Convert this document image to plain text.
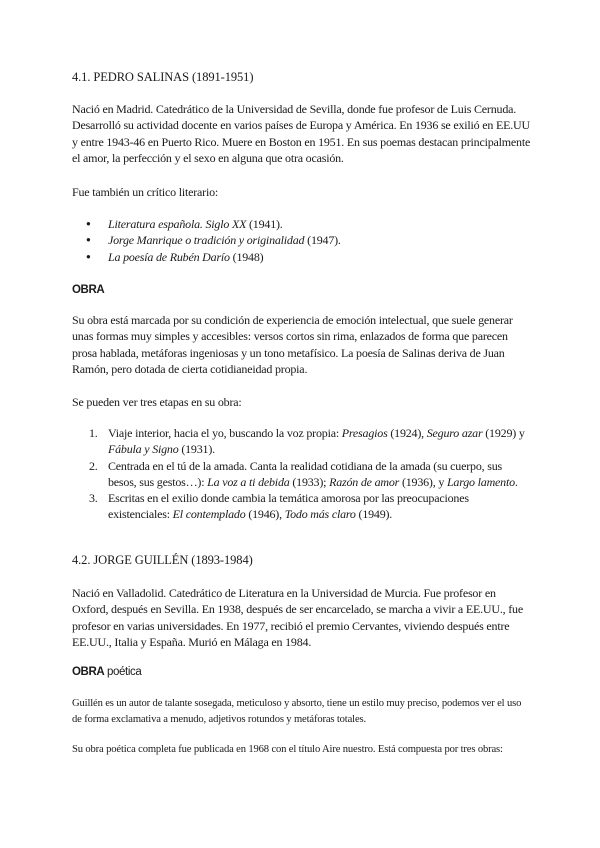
4.1. PEDRO SALINAS (1891-1951)

Nació en Madrid. Catedrático de la Universidad de Sevilla, donde fue profesor de Luis Cernuda. Desarrolló su actividad docente en varios países de Europa y América. En 1936 se exilió en EE.UU y entre 1943-46 en Puerto Rico. Muere en Boston en 1951. En sus poemas destacan principalmente el amor, la perfección y el sexo en alguna que otra ocasión.

Fue también un crítico literario:

● Literatura española. Siglo XX (1941).
● Jorge Manrique o tradición y originalidad (1947).
● La poesía de Rubén Darío (1948)

OBRA

Su obra está marcada por su condición de experiencia de emoción intelectual, que suele generar unas formas muy simples y accesibles: versos cortos sin rima, enlazados de forma que parecen prosa hablada, metáforas ingeniosas y un tono metafísico. La poesía de Salinas deriva de Juan Ramón, pero dotada de cierta cotidianeidad propia.

Se pueden ver tres etapas en su obra:

1. Viaje interior, hacia el yo, buscando la voz propia: Presagios (1924), Seguro azar (1929) y Fábula y Signo (1931).
2. Centrada en el tú de la amada. Canta la realidad cotidiana de la amada (su cuerpo, sus besos, sus gestos…): La voz a ti debida (1933); Razón de amor (1936), y Largo lamento.
3. Escritas en el exilio donde cambia la temática amorosa por las preocupaciones existenciales: El contemplado (1946), Todo más claro (1949).

4.2. JORGE GUILLÉN (1893-1984)

Nació en Valladolid. Catedrático de Literatura en la Universidad de Murcia. Fue profesor en Oxford, después en Sevilla. En 1938, después de ser encarcelado, se marcha a vivir a EE.UU., fue profesor en varias universidades. En 1977, recibió el premio Cervantes, viviendo después entre EE.UU., Italia y España. Murió en Málaga en 1984.

OBRA poética

Guillén es un autor de talante sosegada, meticuloso y absorto, tiene un estilo muy preciso, podemos ver el uso de forma exclamativa a menudo, adjetivos rotundos y metáforas totales.

Su obra poética completa fue publicada en 1968 con el título Aire nuestro. Está compuesta por tres obras:
